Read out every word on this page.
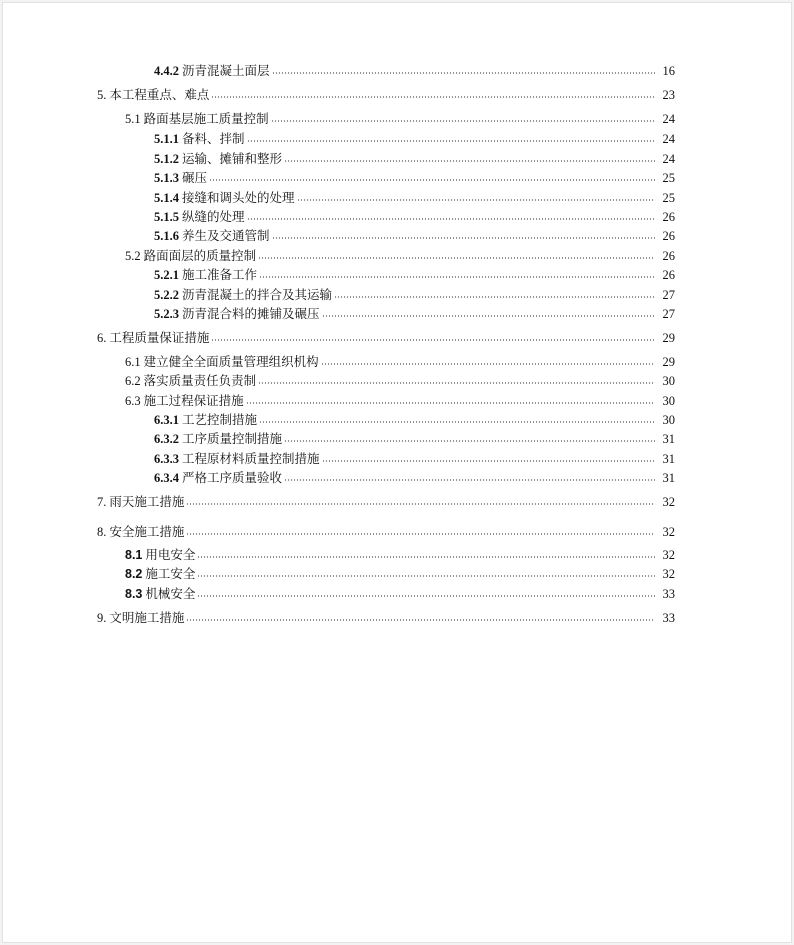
4.4.2 沥青混凝土面层	16
5. 本工程重点、难点	23
5.1 路面基层施工质量控制	24
5.1.1 备料、拌制	24
5.1.2 运输、摊铺和整形	24
5.1.3 碾压	25
5.1.4 接缝和调头处的处理	25
5.1.5 纵缝的处理	26
5.1.6 养生及交通管制	26
5.2 路面面层的质量控制	26
5.2.1 施工准备工作	26
5.2.2 沥青混凝土的拌合及其运输	27
5.2.3 沥青混合料的摊铺及碾压	27
6. 工程质量保证措施	29
6.1 建立健全全面质量管理组织机构	29
6.2 落实质量责任负责制	30
6.3 施工过程保证措施	30
6.3.1 工艺控制措施	30
6.3.2 工序质量控制措施	31
6.3.3 工程原材料质量控制措施	31
6.3.4 严格工序质量验收	31
7. 雨天施工措施	32
8. 安全施工措施	32
8.1 用电安全	32
8.2 施工安全	32
8.3 机械安全	33
9. 文明施工措施	33
